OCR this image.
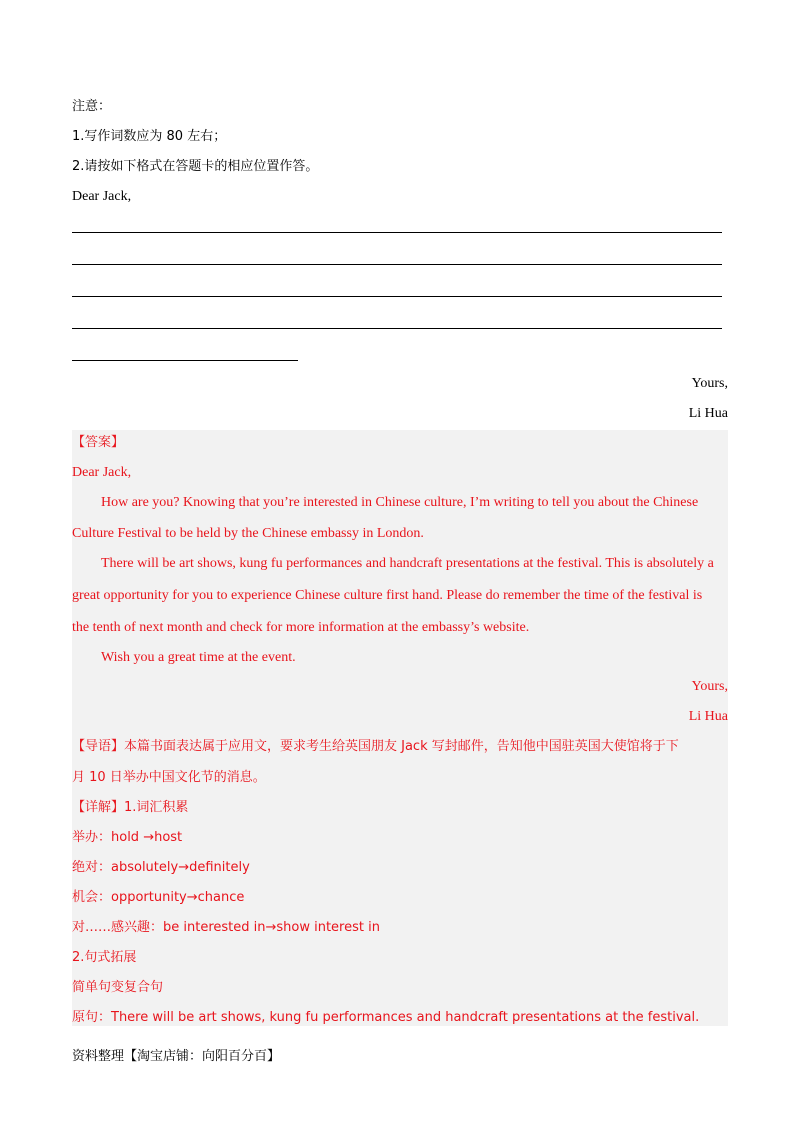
注意：
1.写作词数应为 80 左右；
2.请按如下格式在答题卡的相应位置作答。
Dear Jack,
Yours,
Li Hua
【答案】
Dear Jack,
How are you? Knowing that you’re interested in Chinese culture, I’m writing to tell you about the Chinese
Culture Festival to be held by the Chinese embassy in London.
There will be art shows, kung fu performances and handcraft presentations at the festival. This is absolutely a
great opportunity for you to experience Chinese culture first hand. Please do remember the time of the festival is
the tenth of next month and check for more information at the embassy’s website.
Wish you a great time at the event.
Yours,
Li Hua
【导语】本篇书面表达属于应用文，要求考生给英国朋友 Jack 写封邮件，告知他中国驻英国大使馆将于下
月 10 日举办中国文化节的消息。
【详解】1.词汇积累
举办：hold →host
绝对：absolutely→definitely
机会：opportunity→chance
对……感兴趣：be interested in→show interest in
2.句式拓展
简单句变复合句
原句：There will be art shows, kung fu performances and handcraft presentations at the festival.
资料整理【淘宝店铺：向阳百分百】
